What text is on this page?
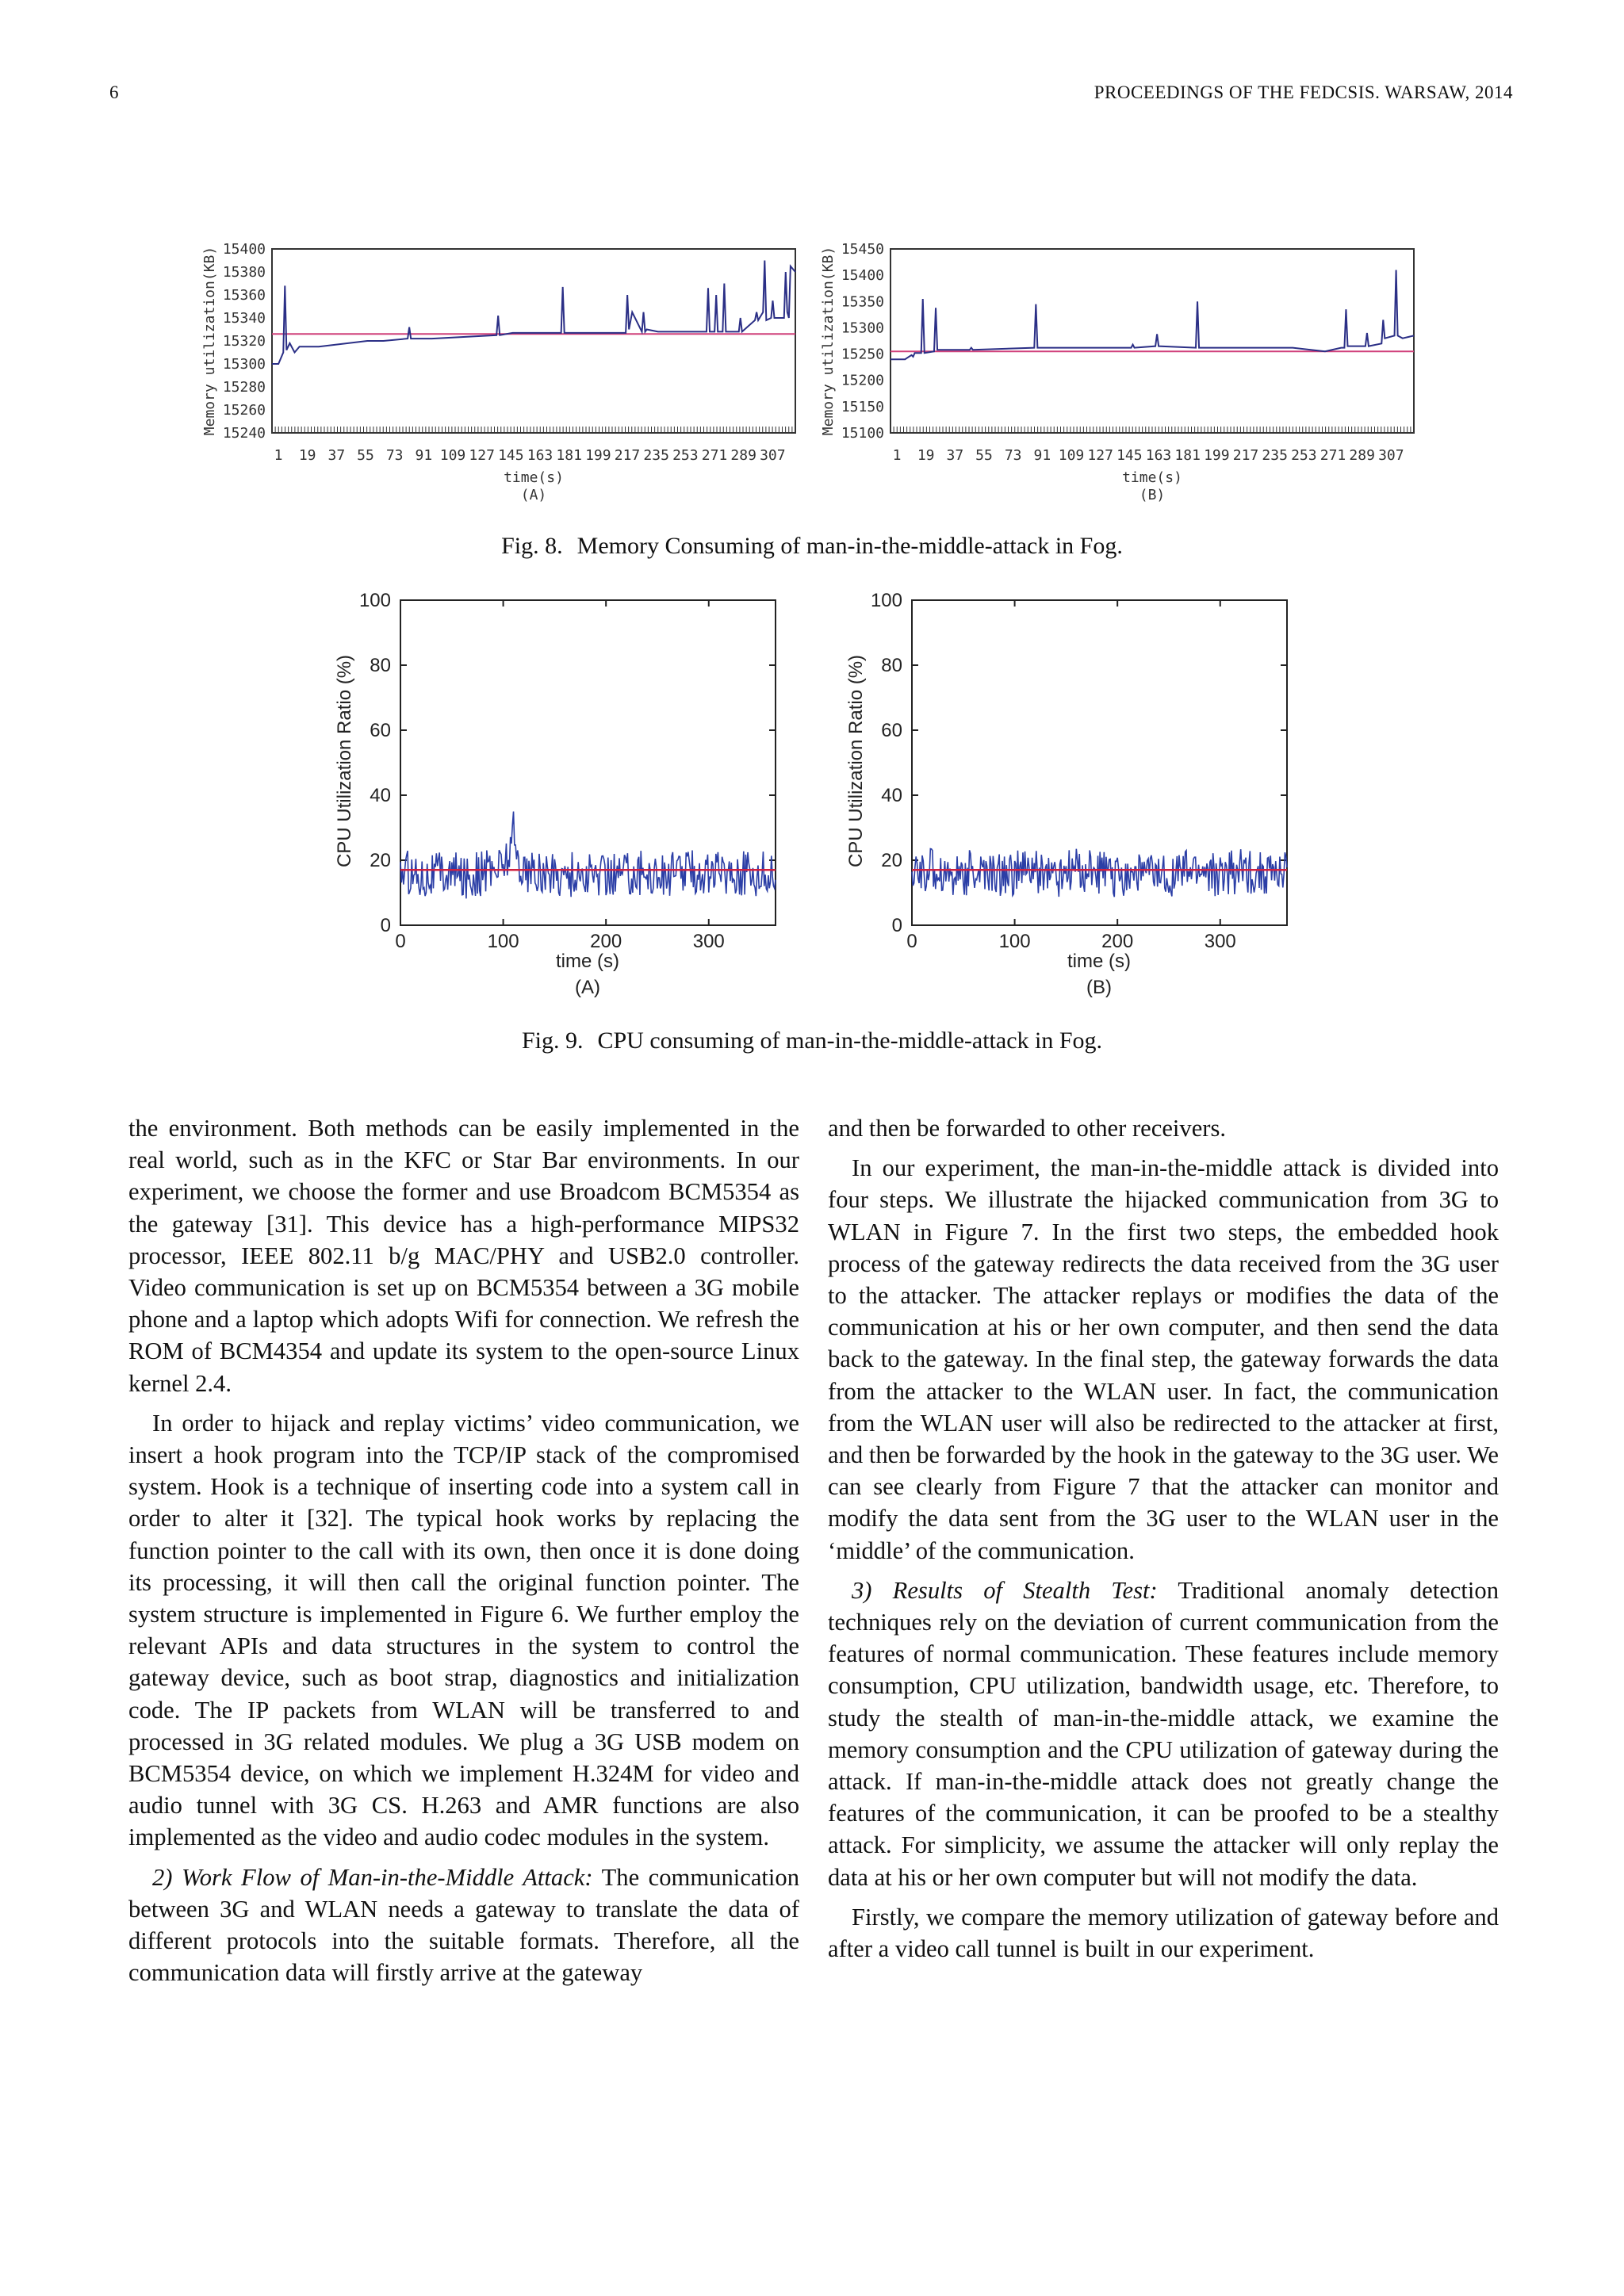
6	PROCEEDINGS OF THE FEDCSIS. WARSAW, 2014
Memory utilization(KB) 15400
15380
15360
15340
15320
15300
15280
15260
15240
1 19 37 55 73 91 109 127 145 163 181 199 217 235 253 271 289 307
time(s)
(A)
Memory utilization(KB) 15450
15400
15350
15300
15250
15200
15150
15100
1 19 37 55 73 91 109 127 145 163 181 199 217 235 253 271 289 307
time(s)
(B)
Fig. 8. Memory Consuming of man-in-the-middle-attack in Fog.
CPU Utilization Ratio (%)
100
80
60
40
20
0
0	100	200	300
time (s)
(A)
CPU Utilization Ratio (%)
100
80
60
40
20
0
0	100	200	300
time (s)
(B)
Fig. 9. CPU consuming of man-in-the-middle-attack in Fog.

the environment. Both methods can be easily implemented in the real world, such as in the KFC or Star Bar environments. In our experiment, we choose the former and use Broadcom BCM5354 as the gateway [31]. This device has a high-performance MIPS32 processor, IEEE 802.11 b/g MAC/PHY and USB2.0 controller. Video communication is set up on BCM5354 between a 3G mobile phone and a laptop which adopts Wifi for connection. We refresh the ROM of BCM4354 and update its system to the open-source Linux kernel 2.4.

In order to hijack and replay victims’ video communication, we insert a hook program into the TCP/IP stack of the compromised system. Hook is a technique of inserting code into a system call in order to alter it [32]. The typical hook works by replacing the function pointer to the call with its own, then once it is done doing its processing, it will then call the original function pointer. The system structure is implemented in Figure 6. We further employ the relevant APIs and data structures in the system to control the gateway device, such as boot strap, diagnostics and initialization code. The IP packets from WLAN will be transferred to and processed in 3G related modules. We plug a 3G USB modem on BCM5354 device, on which we implement H.324M for video and audio tunnel with 3G CS. H.263 and AMR functions are also implemented as the video and audio codec modules in the system.

2) Work Flow of Man-in-the-Middle Attack: The communication between 3G and WLAN needs a gateway to translate the data of different protocols into the suitable formats. Therefore, all the communication data will firstly arrive at the gateway

and then be forwarded to other receivers.

In our experiment, the man-in-the-middle attack is divided into four steps. We illustrate the hijacked communication from 3G to WLAN in Figure 7. In the first two steps, the embedded hook process of the gateway redirects the data received from the 3G user to the attacker. The attacker replays or modifies the data of the communication at his or her own computer, and then send the data back to the gateway. In the final step, the gateway forwards the data from the attacker to the WLAN user. In fact, the communication from the WLAN user will also be redirected to the attacker at first, and then be forwarded by the hook in the gateway to the 3G user. We can see clearly from Figure 7 that the attacker can monitor and modify the data sent from the 3G user to the WLAN user in the ‘middle’ of the communication.

3) Results of Stealth Test: Traditional anomaly detection techniques rely on the deviation of current communication from the features of normal communication. These features include memory consumption, CPU utilization, bandwidth usage, etc. Therefore, to study the stealth of man-in-the-middle attack, we examine the memory consumption and the CPU utilization of gateway during the attack. If man-in-the-middle attack does not greatly change the features of the communication, it can be proofed to be a stealthy attack. For simplicity, we assume the attacker will only replay the data at his or her own computer but will not modify the data.

Firstly, we compare the memory utilization of gateway before and after a video call tunnel is built in our experiment.
